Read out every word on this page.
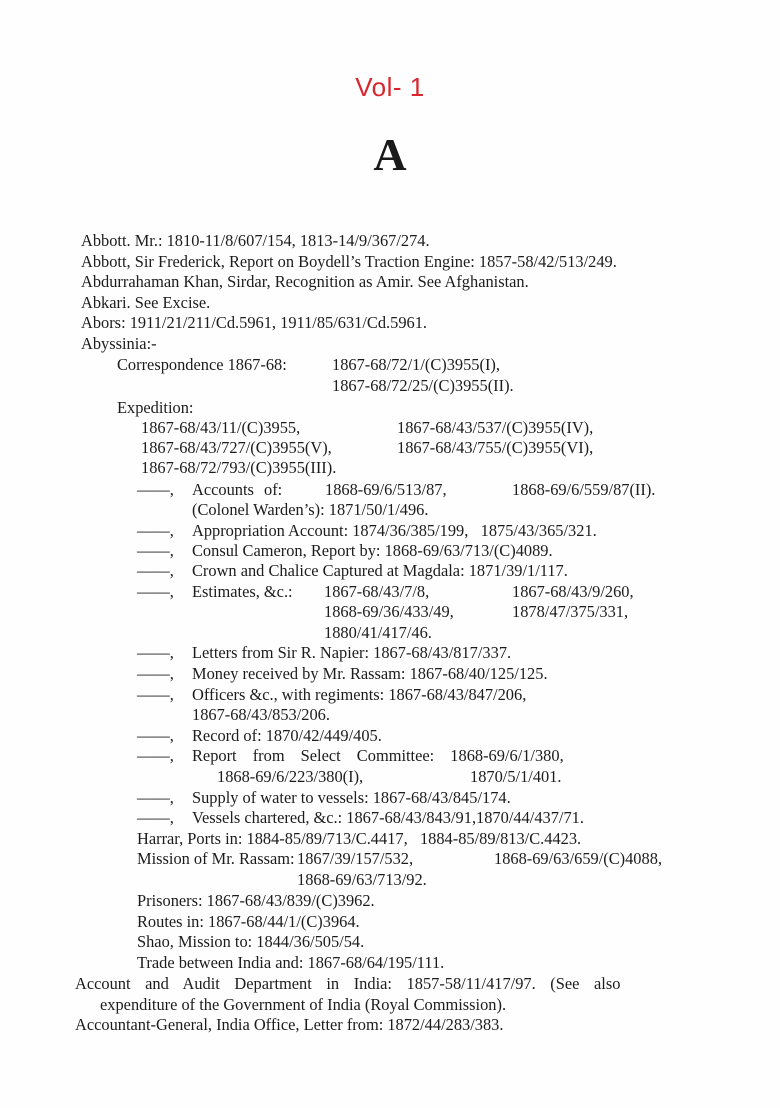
Vol- 1
A
Abbott. Mr.: 1810-11/8/607/154, 1813-14/9/367/274.
Abbott, Sir Frederick, Report on Boydell’s Traction Engine: 1857-58/42/513/249.
Abdurrahaman Khan, Sirdar, Recognition as Amir. See Afghanistan.
Abkari. See Excise.
Abors: 1911/21/211/Cd.5961, 1911/85/631/Cd.5961.
Abyssinia:-
Correspondence 1867-68:	1867-68/72/1/(C)3955(I),
1867-68/72/25/(C)3955(II).
Expedition:
1867-68/43/11/(C)3955,	1867-68/43/537/(C)3955(IV),
1867-68/43/727/(C)3955(V),	1867-68/43/755/(C)3955(VI),
1867-68/72/793/(C)3955(III).
——, Accounts of:	1868-69/6/513/87,	1868-69/6/559/87(II).
(Colonel Warden’s): 1871/50/1/496.
——, Appropriation Account: 1874/36/385/199,   1875/43/365/321.
——, Consul Cameron, Report by: 1868-69/63/713/(C)4089.
——, Crown and Chalice Captured at Magdala: 1871/39/1/117.
——, Estimates, &c.: 1867-68/43/7/8,	1867-68/43/9/260,
1868-69/36/433/49,	1878/47/375/331,
1880/41/417/46.
——, Letters from Sir R. Napier: 1867-68/43/817/337.
——, Money received by Mr. Rassam: 1867-68/40/125/125.
——, Officers &c., with regiments: 1867-68/43/847/206,
1867-68/43/853/206.
——, Record of: 1870/42/449/405.
——, Report from Select Committee: 1868-69/6/1/380,
1868-69/6/223/380(I),	1870/5/1/401.
——, Supply of water to vessels: 1867-68/43/845/174.
——, Vessels chartered, &c.: 1867-68/43/843/91,1870/44/437/71.
Harrar, Ports in: 1884-85/89/713/C.4417,   1884-85/89/813/C.4423.
Mission of Mr. Rassam: 1867/39/157/532,	1868-69/63/659/(C)4088,
1868-69/63/713/92.
Prisoners: 1867-68/43/839/(C)3962.
Routes in: 1867-68/44/1/(C)3964.
Shao, Mission to: 1844/36/505/54.
Trade between India and: 1867-68/64/195/111.
Account and Audit Department in India: 1857-58/11/417/97. (See also
expenditure of the Government of India (Royal Commission).
Accountant-General, India Office, Letter from: 1872/44/283/383.
